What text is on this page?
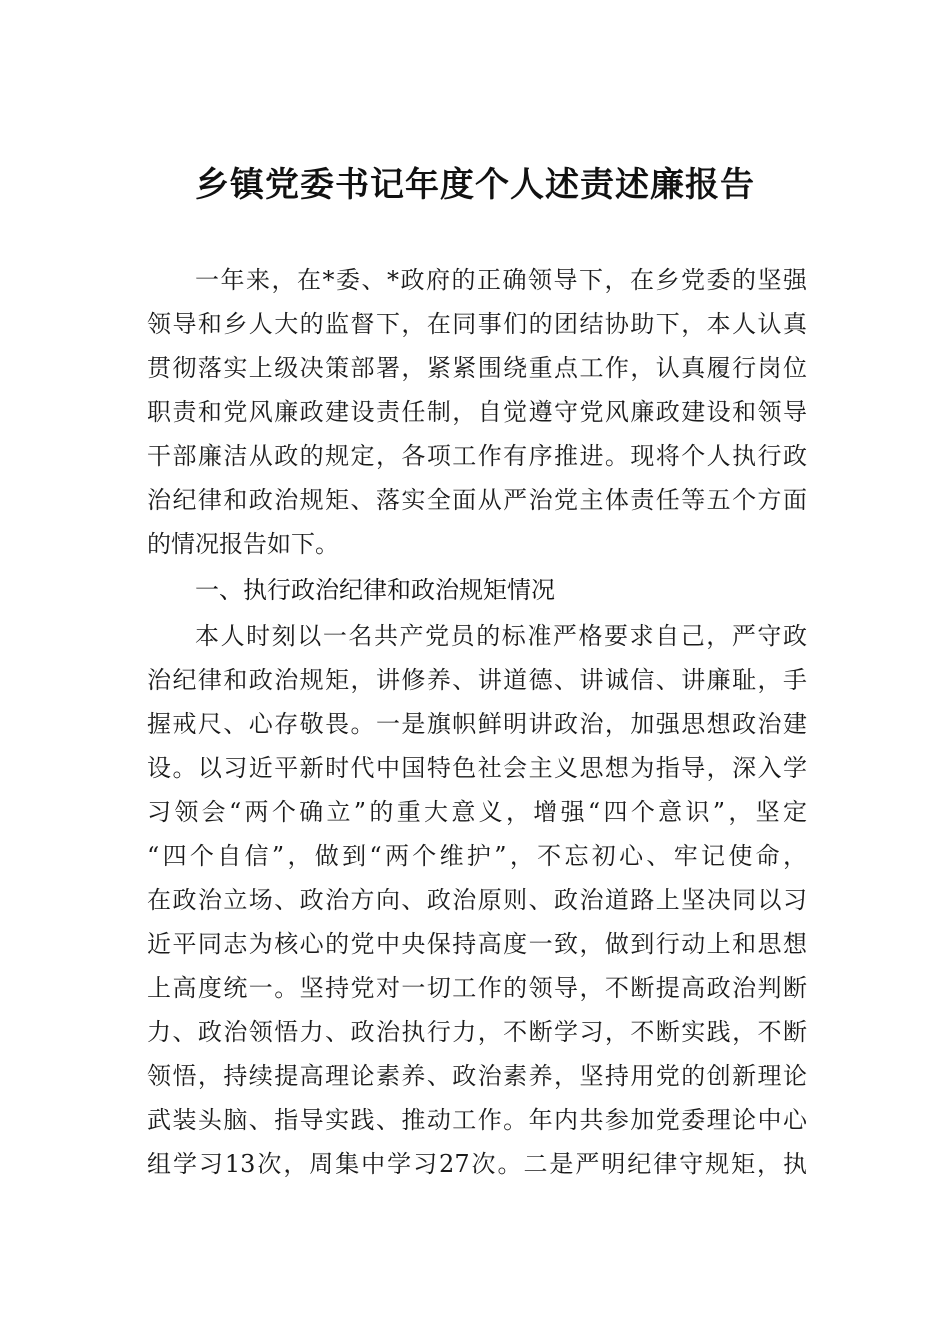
乡镇党委书记年度个人述责述廉报告
一年来，在*委、*政府的正确领导下，在乡党委的坚强
领导和乡人大的监督下，在同事们的团结协助下，本人认真
贯彻落实上级决策部署，紧紧围绕重点工作，认真履行岗位
职责和党风廉政建设责任制，自觉遵守党风廉政建设和领导
干部廉洁从政的规定，各项工作有序推进。现将个人执行政
治纪律和政治规矩、落实全面从严治党主体责任等五个方面
的情况报告如下。
一、执行政治纪律和政治规矩情况
本人时刻以一名共产党员的标准严格要求自己，严守政
治纪律和政治规矩，讲修养、讲道德、讲诚信、讲廉耻，手
握戒尺、心存敬畏。一是旗帜鲜明讲政治，加强思想政治建
设。以习近平新时代中国特色社会主义思想为指导，深入学
习领会“两个确立”的重大意义，增强“四个意识”，坚定
“四个自信”，做到“两个维护”，不忘初心、牢记使命，
在政治立场、政治方向、政治原则、政治道路上坚决同以习
近平同志为核心的党中央保持高度一致，做到行动上和思想
上高度统一。坚持党对一切工作的领导，不断提高政治判断
力、政治领悟力、政治执行力，不断学习，不断实践，不断
领悟，持续提高理论素养、政治素养，坚持用党的创新理论
武装头脑、指导实践、推动工作。年内共参加党委理论中心
组学习13次，周集中学习27次。二是严明纪律守规矩，执
